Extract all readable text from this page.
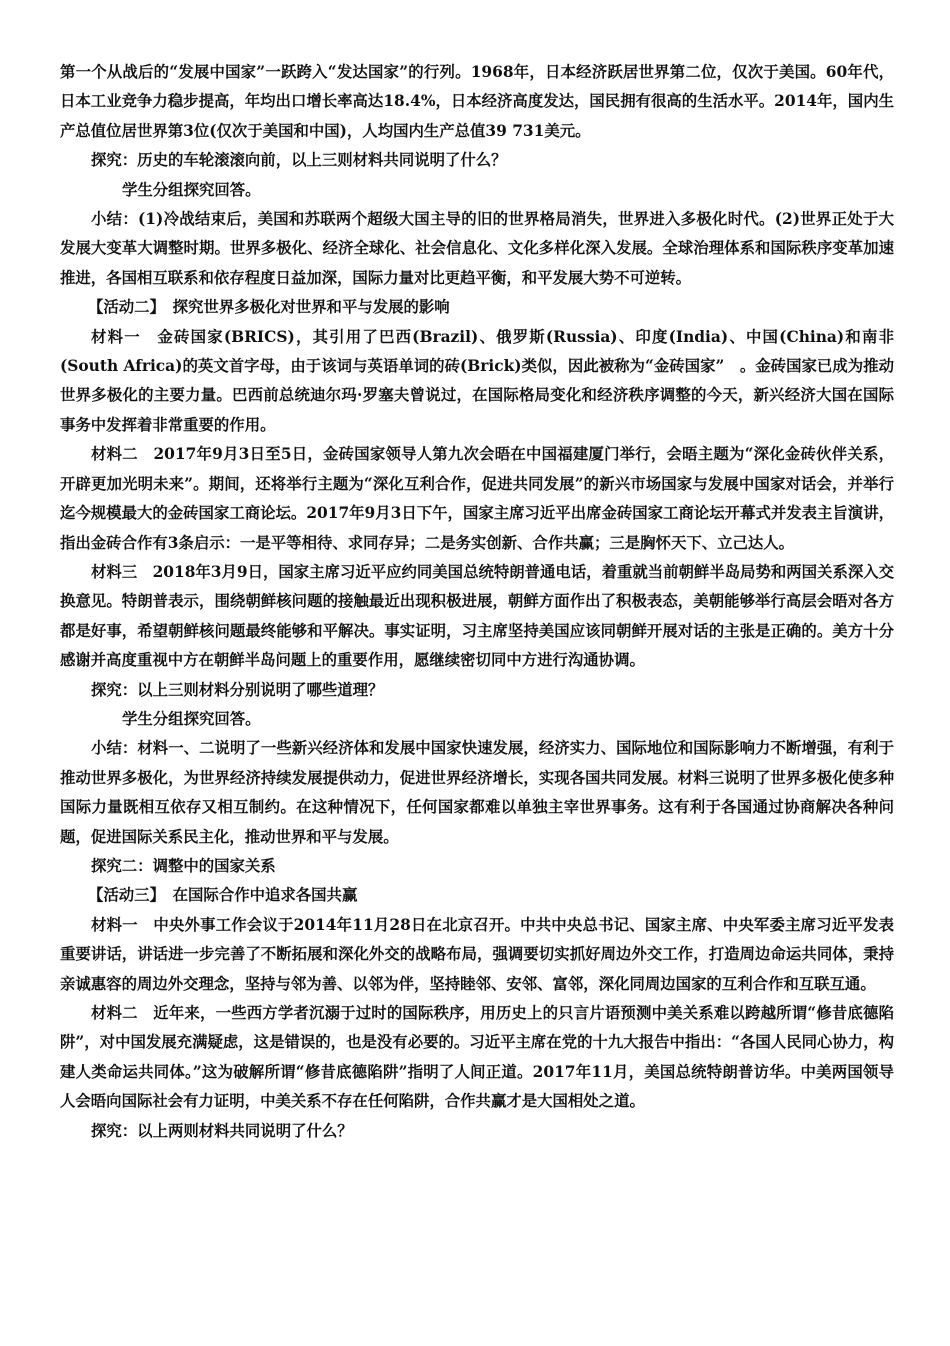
第一个从战后的“发展中国家”一跃跨入“发达国家”的行列。1968年，日本经济跃居世界第二位，仅次于美国。60年代，日本工业竞争力稳步提高，年均出口增长率高达18.4%，日本经济高度发达，国民拥有很高的生活水平。2014年，国内生产总值位居世界第3位(仅次于美国和中国)，人均国内生产总值39 731美元。

探究：历史的车轮滚滚向前，以上三则材料共同说明了什么？

学生分组探究回答。

小结：(1)冷战结束后，美国和苏联两个超级大国主导的旧的世界格局消失，世界进入多极化时代。(2)世界正处于大发展大变革大调整时期。世界多极化、经济全球化、社会信息化、文化多样化深入发展。全球治理体系和国际秩序变革加速推进，各国相互联系和依存程度日益加深，国际力量对比更趋平衡，和平发展大势不可逆转。

【活动二】　探究世界多极化对世界和平与发展的影响

材料一　金砖国家(BRICS)，其引用了巴西(Brazil)、俄罗斯(Russia)、印度(India)、中国(China)和南非(South Africa)的英文首字母，由于该词与英语单词的砖(Brick)类似，因此被称为“金砖国家”　。金砖国家已成为推动世界多极化的主要力量。巴西前总统迪尔玛·罗塞夫曾说过，在国际格局变化和经济秩序调整的今天，新兴经济大国在国际事务中发挥着非常重要的作用。

材料二　2017年9月3日至5日，金砖国家领导人第九次会晤在中国福建厦门举行，会晤主题为“深化金砖伙伴关系，开辟更加光明未来”。期间，还将举行主题为“深化互利合作，促进共同发展”的新兴市场国家与发展中国家对话会，并举行迄今规模最大的金砖国家工商论坛。2017年9月3日下午，国家主席习近平出席金砖国家工商论坛开幕式并发表主旨演讲，指出金砖合作有3条启示：一是平等相待、求同存异；二是务实创新、合作共赢；三是胸怀天下、立己达人。

材料三　2018年3月9日，国家主席习近平应约同美国总统特朗普通电话，着重就当前朝鲜半岛局势和两国关系深入交换意见。特朗普表示，围绕朝鲜核问题的接触最近出现积极进展，朝鲜方面作出了积极表态，美朝能够举行高层会晤对各方都是好事，希望朝鲜核问题最终能够和平解决。事实证明，习主席坚持美国应该同朝鲜开展对话的主张是正确的。美方十分感谢并高度重视中方在朝鲜半岛问题上的重要作用，愿继续密切同中方进行沟通协调。

探究：以上三则材料分别说明了哪些道理？

学生分组探究回答。

小结：材料一、二说明了一些新兴经济体和发展中国家快速发展，经济实力、国际地位和国际影响力不断增强，有利于推动世界多极化，为世界经济持续发展提供动力，促进世界经济增长，实现各国共同发展。材料三说明了世界多极化使多种国际力量既相互依存又相互制约。在这种情况下，任何国家都难以单独主宰世界事务。这有利于各国通过协商解决各种问题，促进国际关系民主化，推动世界和平与发展。

探究二：调整中的国家关系

【活动三】　在国际合作中追求各国共赢

材料一　中央外事工作会议于2014年11月28日在北京召开。中共中央总书记、国家主席、中央军委主席习近平发表重要讲话，讲话进一步完善了不断拓展和深化外交的战略布局，强调要切实抓好周边外交工作，打造周边命运共同体，秉持亲诚惠容的周边外交理念，坚持与邻为善、以邻为伴，坚持睦邻、安邻、富邻，深化同周边国家的互利合作和互联互通。

材料二　近年来，一些西方学者沉溺于过时的国际秩序，用历史上的只言片语预测中美关系难以跨越所谓“修昔底德陷阱”，对中国发展充满疑虑，这是错误的，也是没有必要的。习近平主席在党的十九大报告中指出：“各国人民同心协力，构建人类命运共同体。”这为破解所谓“修昔底德陷阱”指明了人间正道。2017年11月，美国总统特朗普访华。中美两国领导人会晤向国际社会有力证明，中美关系不存在任何陷阱，合作共赢才是大国相处之道。

探究：以上两则材料共同说明了什么？
